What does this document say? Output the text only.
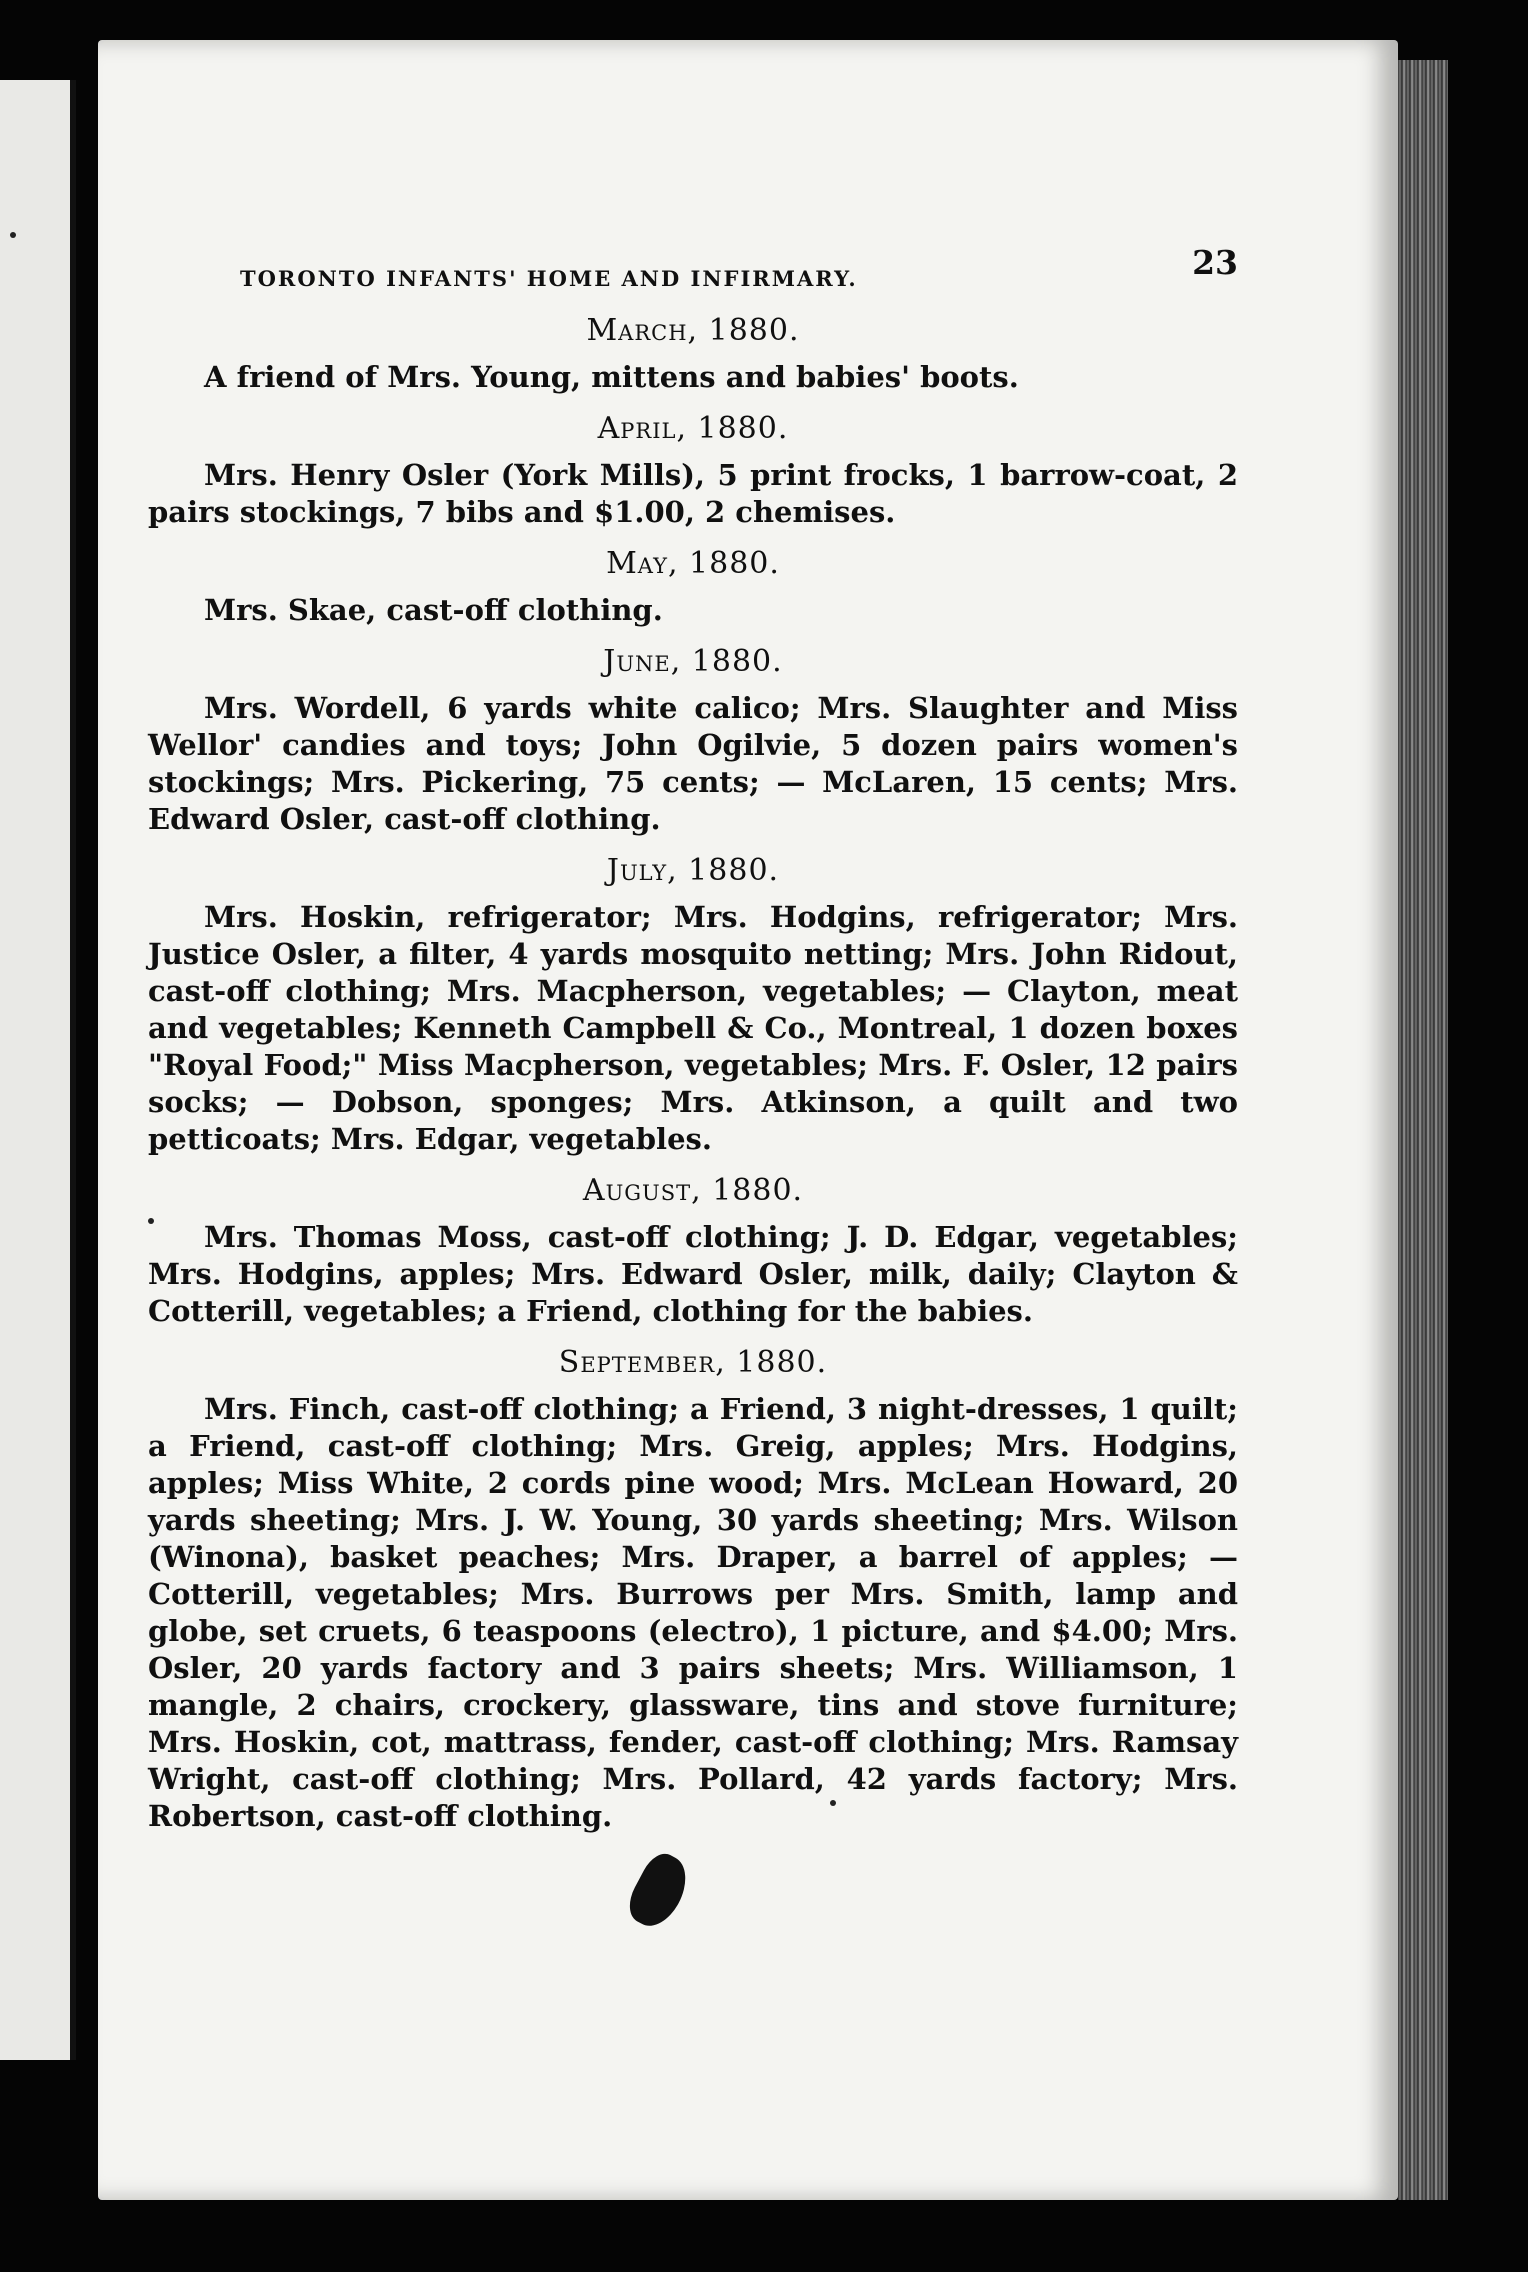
TORONTO INFANTS' HOME AND INFIRMARY.	23
March, 1880.

A friend of Mrs. Young, mittens and babies' boots.

April, 1880.

Mrs. Henry Osler (York Mills), 5 print frocks, 1 barrow-coat, 2 pairs stockings, 7 bibs and $1.00, 2 chemises.

May, 1880.

Mrs. Skae, cast-off clothing.

June, 1880.

Mrs. Wordell, 6 yards white calico; Mrs. Slaughter and Miss Wellor' candies and toys; John Ogilvie, 5 dozen pairs women's stockings; Mrs. Pickering, 75 cents; — McLaren, 15 cents; Mrs. Edward Osler, cast-off clothing.

July, 1880.

Mrs. Hoskin, refrigerator; Mrs. Hodgins, refrigerator; Mrs. Justice Osler, a filter, 4 yards mosquito netting; Mrs. John Ridout, cast-off clothing; Mrs. Macpherson, vegetables; — Clayton, meat and vegetables; Kenneth Campbell & Co., Montreal, 1 dozen boxes "Royal Food;" Miss Macpherson, vegetables; Mrs. F. Osler, 12 pairs socks; — Dobson, sponges; Mrs. Atkinson, a quilt and two petticoats; Mrs. Edgar, vegetables.

August, 1880.

Mrs. Thomas Moss, cast-off clothing; J. D. Edgar, vegetables; Mrs. Hodgins, apples; Mrs. Edward Osler, milk, daily; Clayton & Cotterill, vegetables; a Friend, clothing for the babies.

September, 1880.

Mrs. Finch, cast-off clothing; a Friend, 3 night-dresses, 1 quilt; a Friend, cast-off clothing; Mrs. Greig, apples; Mrs. Hodgins, apples; Miss White, 2 cords pine wood; Mrs. McLean Howard, 20 yards sheeting; Mrs. J. W. Young, 30 yards sheeting; Mrs. Wilson (Winona), basket peaches; Mrs. Draper, a barrel of apples; — Cotterill, vegetables; Mrs. Burrows per Mrs. Smith, lamp and globe, set cruets, 6 teaspoons (electro), 1 picture, and $4.00; Mrs. Osler, 20 yards factory and 3 pairs sheets; Mrs. Williamson, 1 mangle, 2 chairs, crockery, glassware, tins and stove furniture; Mrs. Hoskin, cot, mattrass, fender, cast-off clothing; Mrs. Ramsay Wright, cast-off clothing; Mrs. Pollard, 42 yards factory; Mrs. Robertson, cast-off clothing.
